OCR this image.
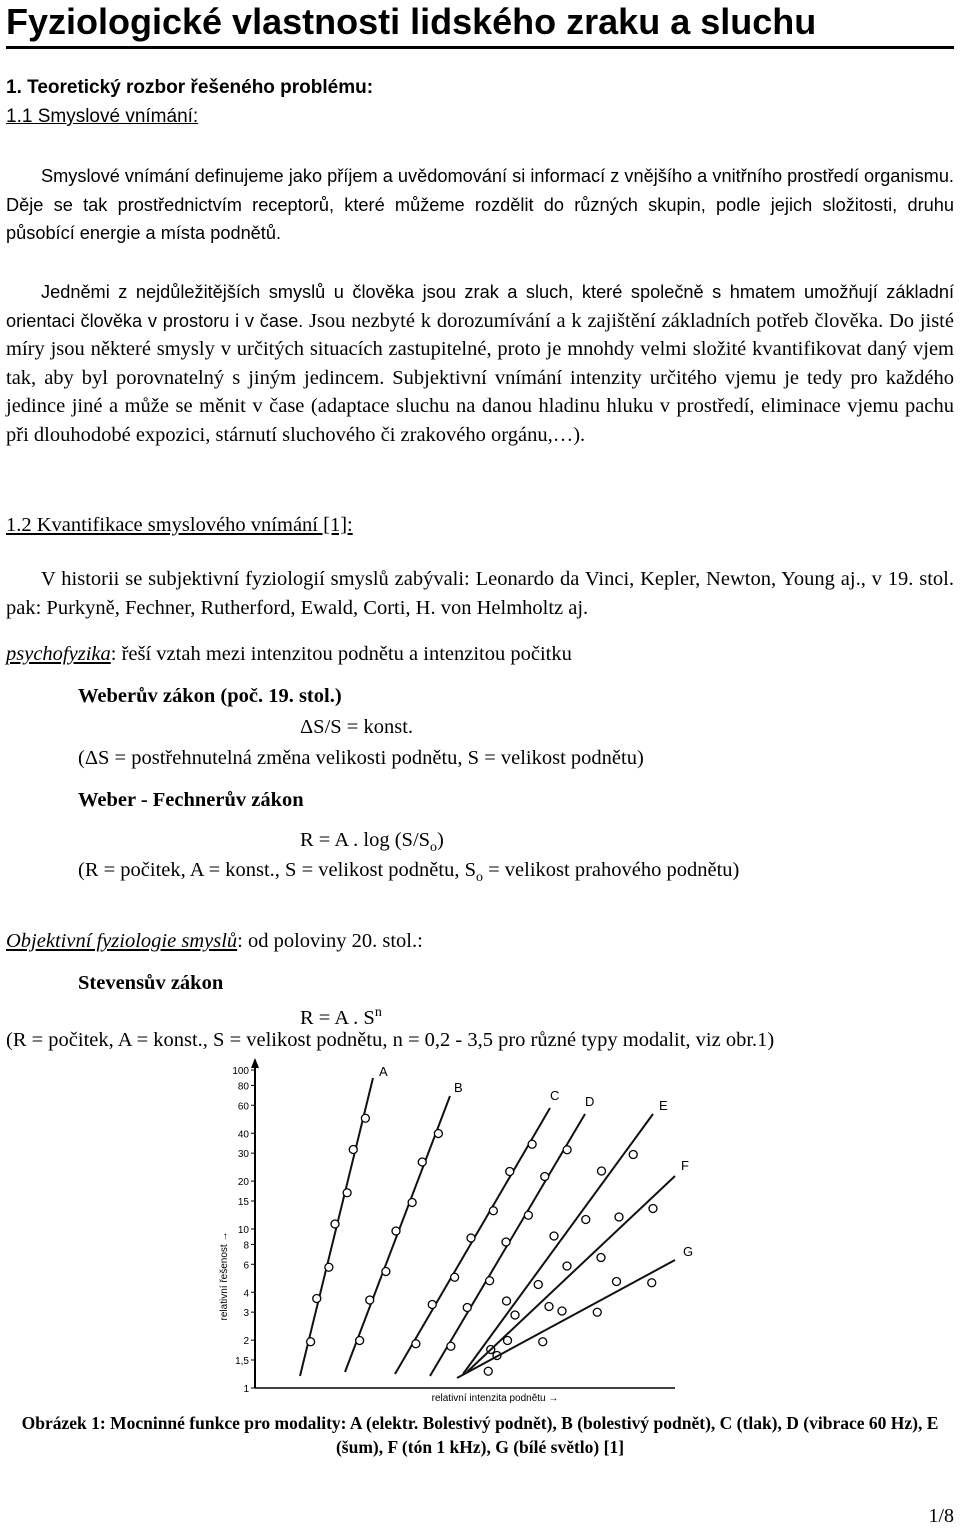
Fyziologické vlastnosti lidského zraku a sluchu
1. Teoretický rozbor řešeného problému:
1.1 Smyslové vnímání:

Smyslové vnímání definujeme jako příjem a uvědomování si informací z vnějšího a vnitřního prostředí organismu. Děje se tak prostřednictvím receptorů, které můžeme rozdělit do různých skupin, podle jejich složitosti, druhu působící energie a místa podnětů.

Jedněmi z nejdůležitějších smyslů u člověka jsou zrak a sluch, které společně s hmatem umožňují základní orientaci člověka v prostoru i v čase. Jsou nezbyté k dorozumívání a k zajištění základních potřeb člověka. Do jisté míry jsou některé smysly v určitých situacích zastupitelné, proto je mnohdy velmi složité kvantifikovat daný vjem tak, aby byl porovnatelný s jiným jedincem. Subjektivní vnímání intenzity určitého vjemu je tedy pro každého jedince jiné a může se měnit v čase (adaptace sluchu na danou hladinu hluku v prostředí, eliminace vjemu pachu při dlouhodobé expozici, stárnutí sluchového či zrakového orgánu,…).

1.2 Kvantifikace smyslového vnímání [1]:

V historii se subjektivní fyziologií smyslů zabývali: Leonardo da Vinci, Kepler, Newton, Young aj., v 19. stol. pak: Purkyně, Fechner, Rutherford, Ewald, Corti, H. von Helmholtz aj.

psychofyzika: řeší vztah mezi intenzitou podnětu a intenzitou počitku
Weberův zákon (poč. 19. stol.)
ΔS/S = konst.
(ΔS = postřehnutelná změna velikosti podnětu, S = velikost podnětu)
Weber - Fechnerův zákon
R = A . $\log (S/S_o)$
(R = počitek, A = konst., S = velikost podnětu, $S_o$ = velikost prahového podnětu)
Objektivní fyziologie smyslů: od poloviny 20. stol.:
Stevensův zákon
R = A . $S^n$
(R = počitek, A = konst., S = velikost podnětu, n = 0,2 - 3,5 pro různé typy modalit, viz obr.1)
100
80
60
40
30
20
15
10
8
6
4
3
2
1,5
1
relativní řešenost →
relativní intenzita podnětu →
A
B
C D	E
F
G
Obrázek 1: Mocninné funkce pro modality: A (elektr. Bolestivý podnět), B (bolestivý podnět), C (tlak), D (vibrace 60 Hz), E (šum), F (tón 1 kHz), G (bílé světlo) [1]
1/8
